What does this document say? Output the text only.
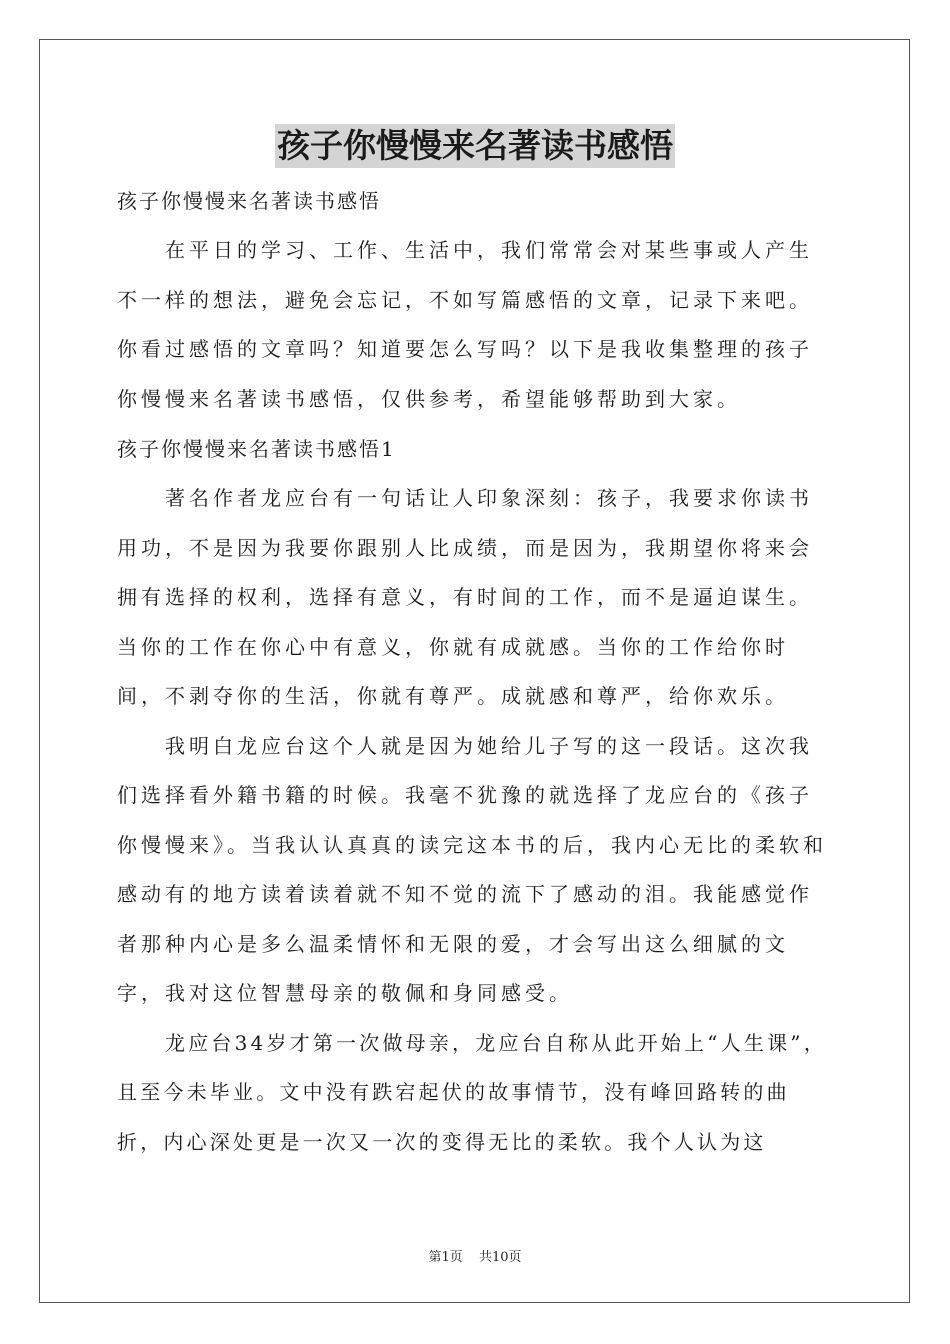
孩子你慢慢来名著读书感悟

孩子你慢慢来名著读书感悟

在平日的学习、工作、生活中，我们常常会对某些事或人产生不一样的想法，避免会忘记，不如写篇感悟的文章，记录下来吧。你看过感悟的文章吗？知道要怎么写吗？以下是我收集整理的孩子你慢慢来名著读书感悟，仅供参考，希望能够帮助到大家。

孩子你慢慢来名著读书感悟1

著名作者龙应台有一句话让人印象深刻：孩子，我要求你读书用功，不是因为我要你跟别人比成绩，而是因为，我期望你将来会拥有选择的权利，选择有意义，有时间的工作，而不是逼迫谋生。当你的工作在你心中有意义，你就有成就感。当你的工作给你时间，不剥夺你的生活，你就有尊严。成就感和尊严，给你欢乐。

我明白龙应台这个人就是因为她给儿子写的这一段话。这次我们选择看外籍书籍的时候。我毫不犹豫的就选择了龙应台的《孩子你慢慢来》。当我认认真真的读完这本书的后，我内心无比的柔软和感动有的地方读着读着就不知不觉的流下了感动的泪。我能感觉作者那种内心是多么温柔情怀和无限的爱，才会写出这么细腻的文字，我对这位智慧母亲的敬佩和身同感受。

龙应台34岁才第一次做母亲，龙应台自称从此开始上“人生课”，且至今未毕业。文中没有跌宕起伏的故事情节，没有峰回路转的曲折，内心深处更是一次又一次的变得无比的柔软。我个人认为这

第1页 共10页
